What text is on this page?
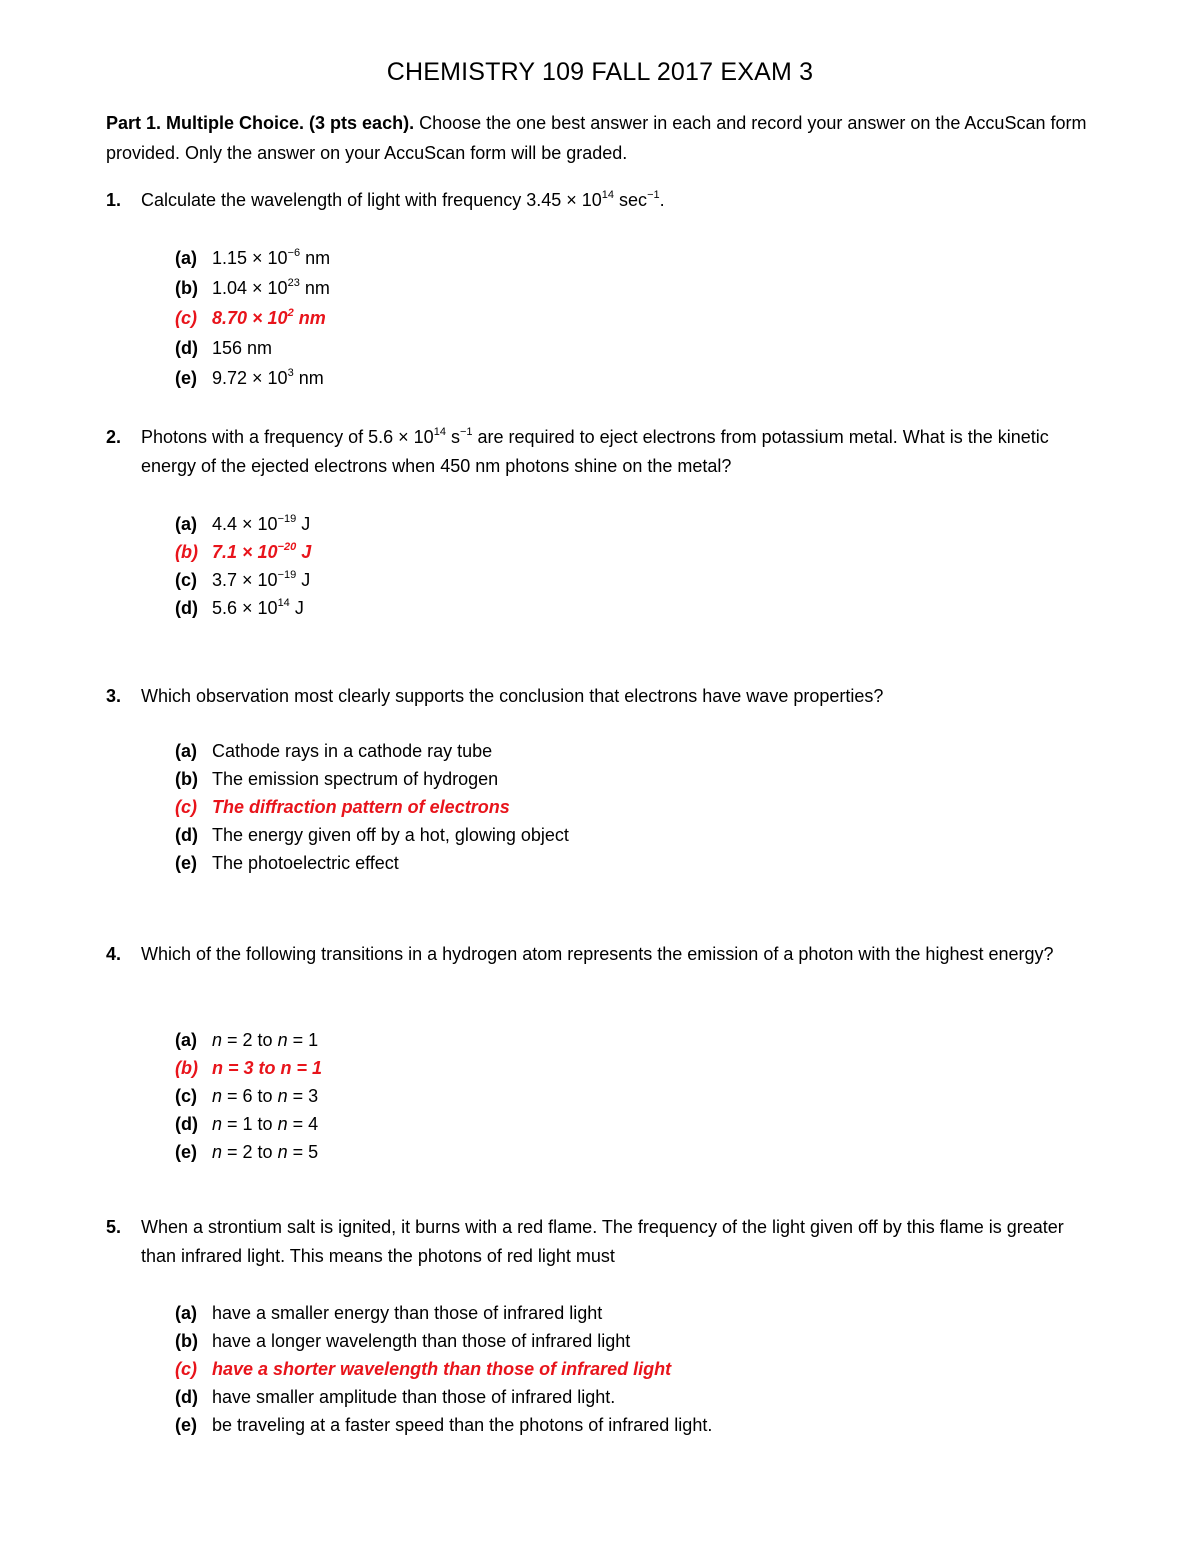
CHEMISTRY 109 FALL 2017 EXAM 3
Part 1. Multiple Choice. (3 pts each). Choose the one best answer in each and record your answer on the AccuScan form provided. Only the answer on your AccuScan form will be graded.
1. Calculate the wavelength of light with frequency $3.45 \times 10^{14}$ $\sec^{-1}$.
(a) $1.15 \times 10^{-6}$ nm
(b) $1.04 \times 10^{23}$ nm
(c) $8.70 \times 10^2$ nm
(d) 156 nm
(e) $9.72 \times 10^3$ nm
2. Photons with a frequency of $5.6 \times 10^{14}$ $s^{-1}$ are required to eject electrons from potassium metal. What is the kinetic energy of the ejected electrons when 450 nm photons shine on the metal?
(a) $4.4 \times 10^{-19}$ J
(b) $7.1 \times 10^{-20}$ J
(c) $3.7 \times 10^{-19}$ J
(d) $5.6 \times 10^{14}$ J
3. Which observation most clearly supports the conclusion that electrons have wave properties?
(a) Cathode rays in a cathode ray tube
(b) The emission spectrum of hydrogen
(c) The diffraction pattern of electrons
(d) The energy given off by a hot, glowing object
(e) The photoelectric effect
4. Which of the following transitions in a hydrogen atom represents the emission of a photon with the highest energy?
(a) n = 2 to n = 1
(b) n = 3 to n = 1
(c) n = 6 to n = 3
(d) n = 1 to n = 4
(e) n = 2 to n = 5
5. When a strontium salt is ignited, it burns with a red flame. The frequency of the light given off by this flame is greater than infrared light. This means the photons of red light must
(a) have a smaller energy than those of infrared light
(b) have a longer wavelength than those of infrared light
(c) have a shorter wavelength than those of infrared light
(d) have smaller amplitude than those of infrared light.
(e) be traveling at a faster speed than the photons of infrared light.
